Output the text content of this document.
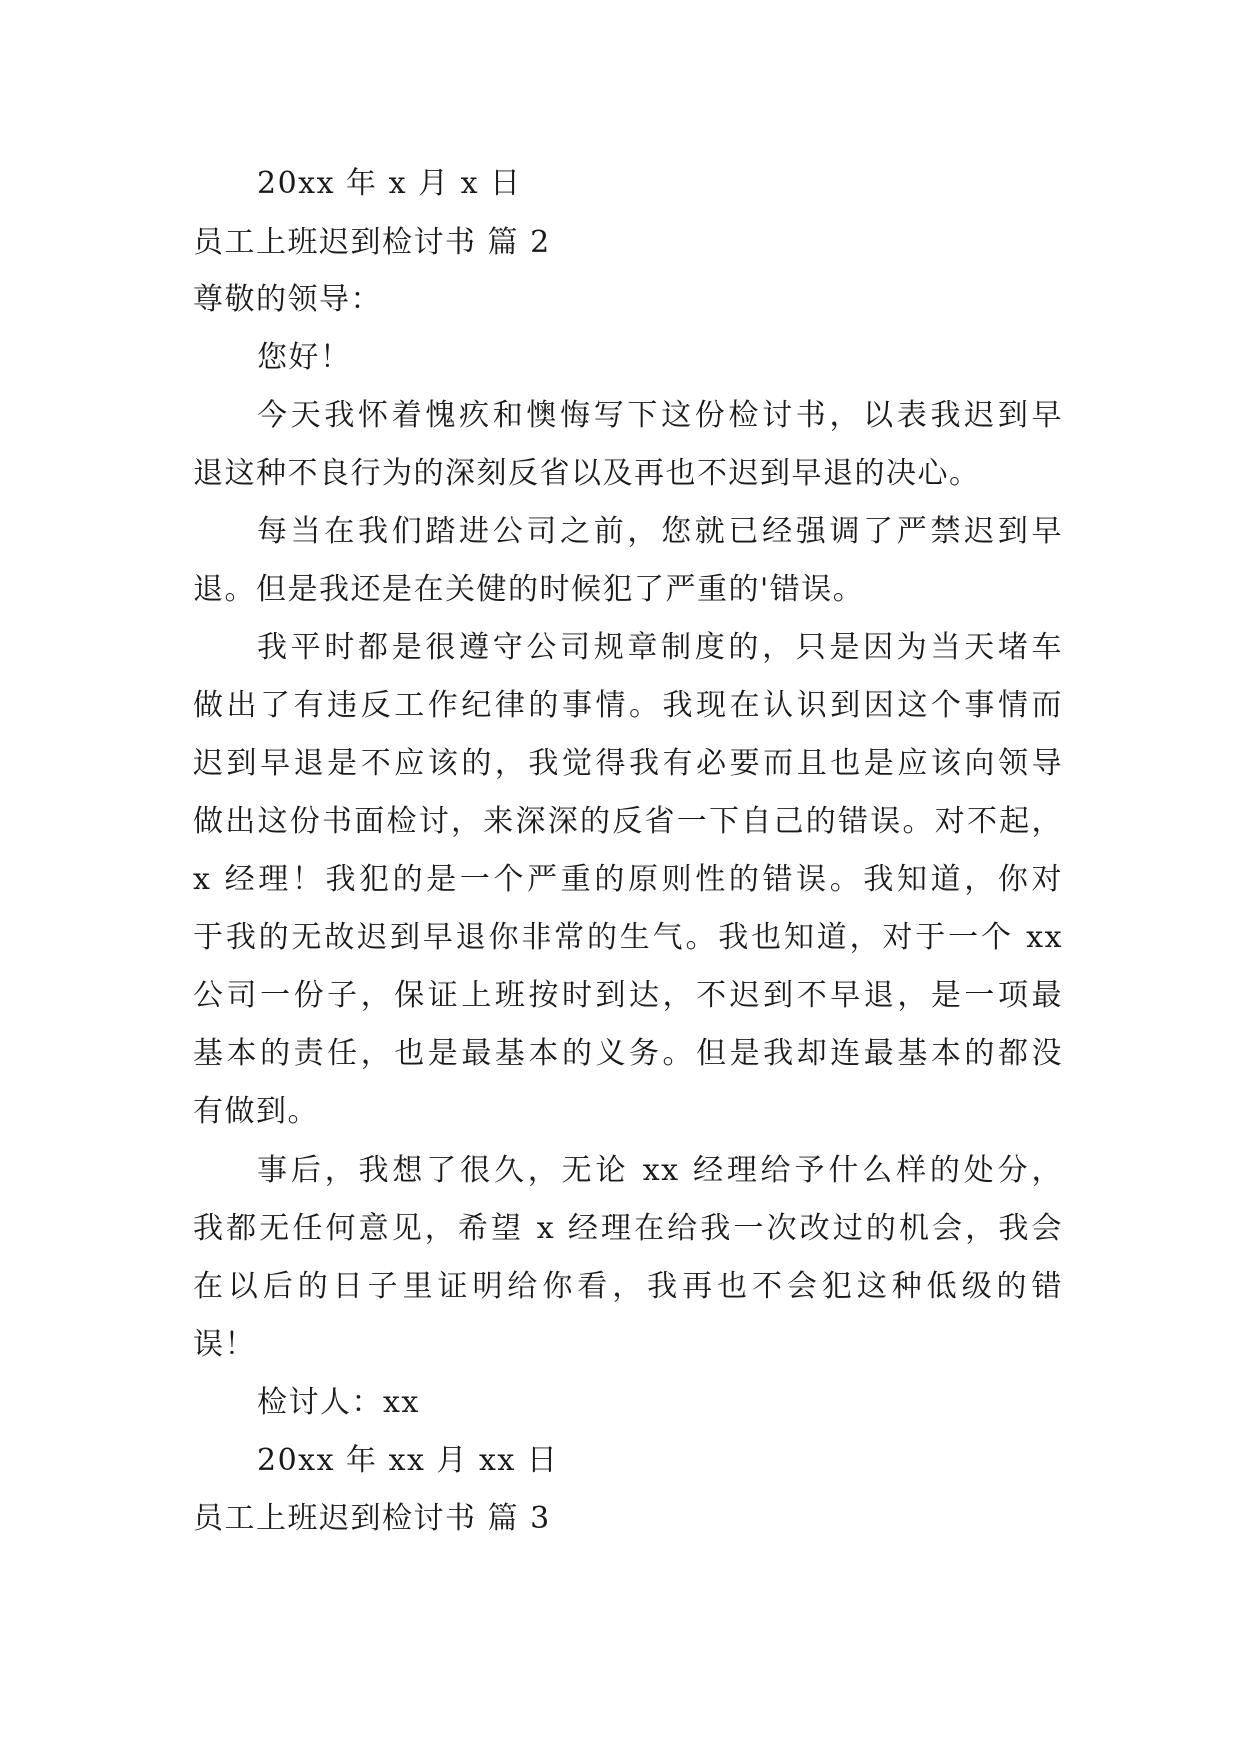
20xx 年 x 月 x 日
员工上班迟到检讨书 篇 2
尊敬的领导：
您好！
今天我怀着愧疚和懊悔写下这份检讨书，以表我迟到早
退这种不良行为的深刻反省以及再也不迟到早退的决心。
每当在我们踏进公司之前，您就已经强调了严禁迟到早
退。但是我还是在关健的时候犯了严重的'错误。
我平时都是很遵守公司规章制度的，只是因为当天堵车
做出了有违反工作纪律的事情。我现在认识到因这个事情而
迟到早退是不应该的，我觉得我有必要而且也是应该向领导
做出这份书面检讨，来深深的反省一下自己的错误。对不起，
x 经理！我犯的是一个严重的原则性的错误。我知道，你对
于我的无故迟到早退你非常的生气。我也知道，对于一个 xx
公司一份子，保证上班按时到达，不迟到不早退，是一项最
基本的责任，也是最基本的义务。但是我却连最基本的都没
有做到。
事后，我想了很久，无论 xx 经理给予什么样的处分，
我都无任何意见，希望 x 经理在给我一次改过的机会，我会
在以后的日子里证明给你看，我再也不会犯这种低级的错
误！
检讨人：xx
20xx 年 xx 月 xx 日
员工上班迟到检讨书 篇 3
